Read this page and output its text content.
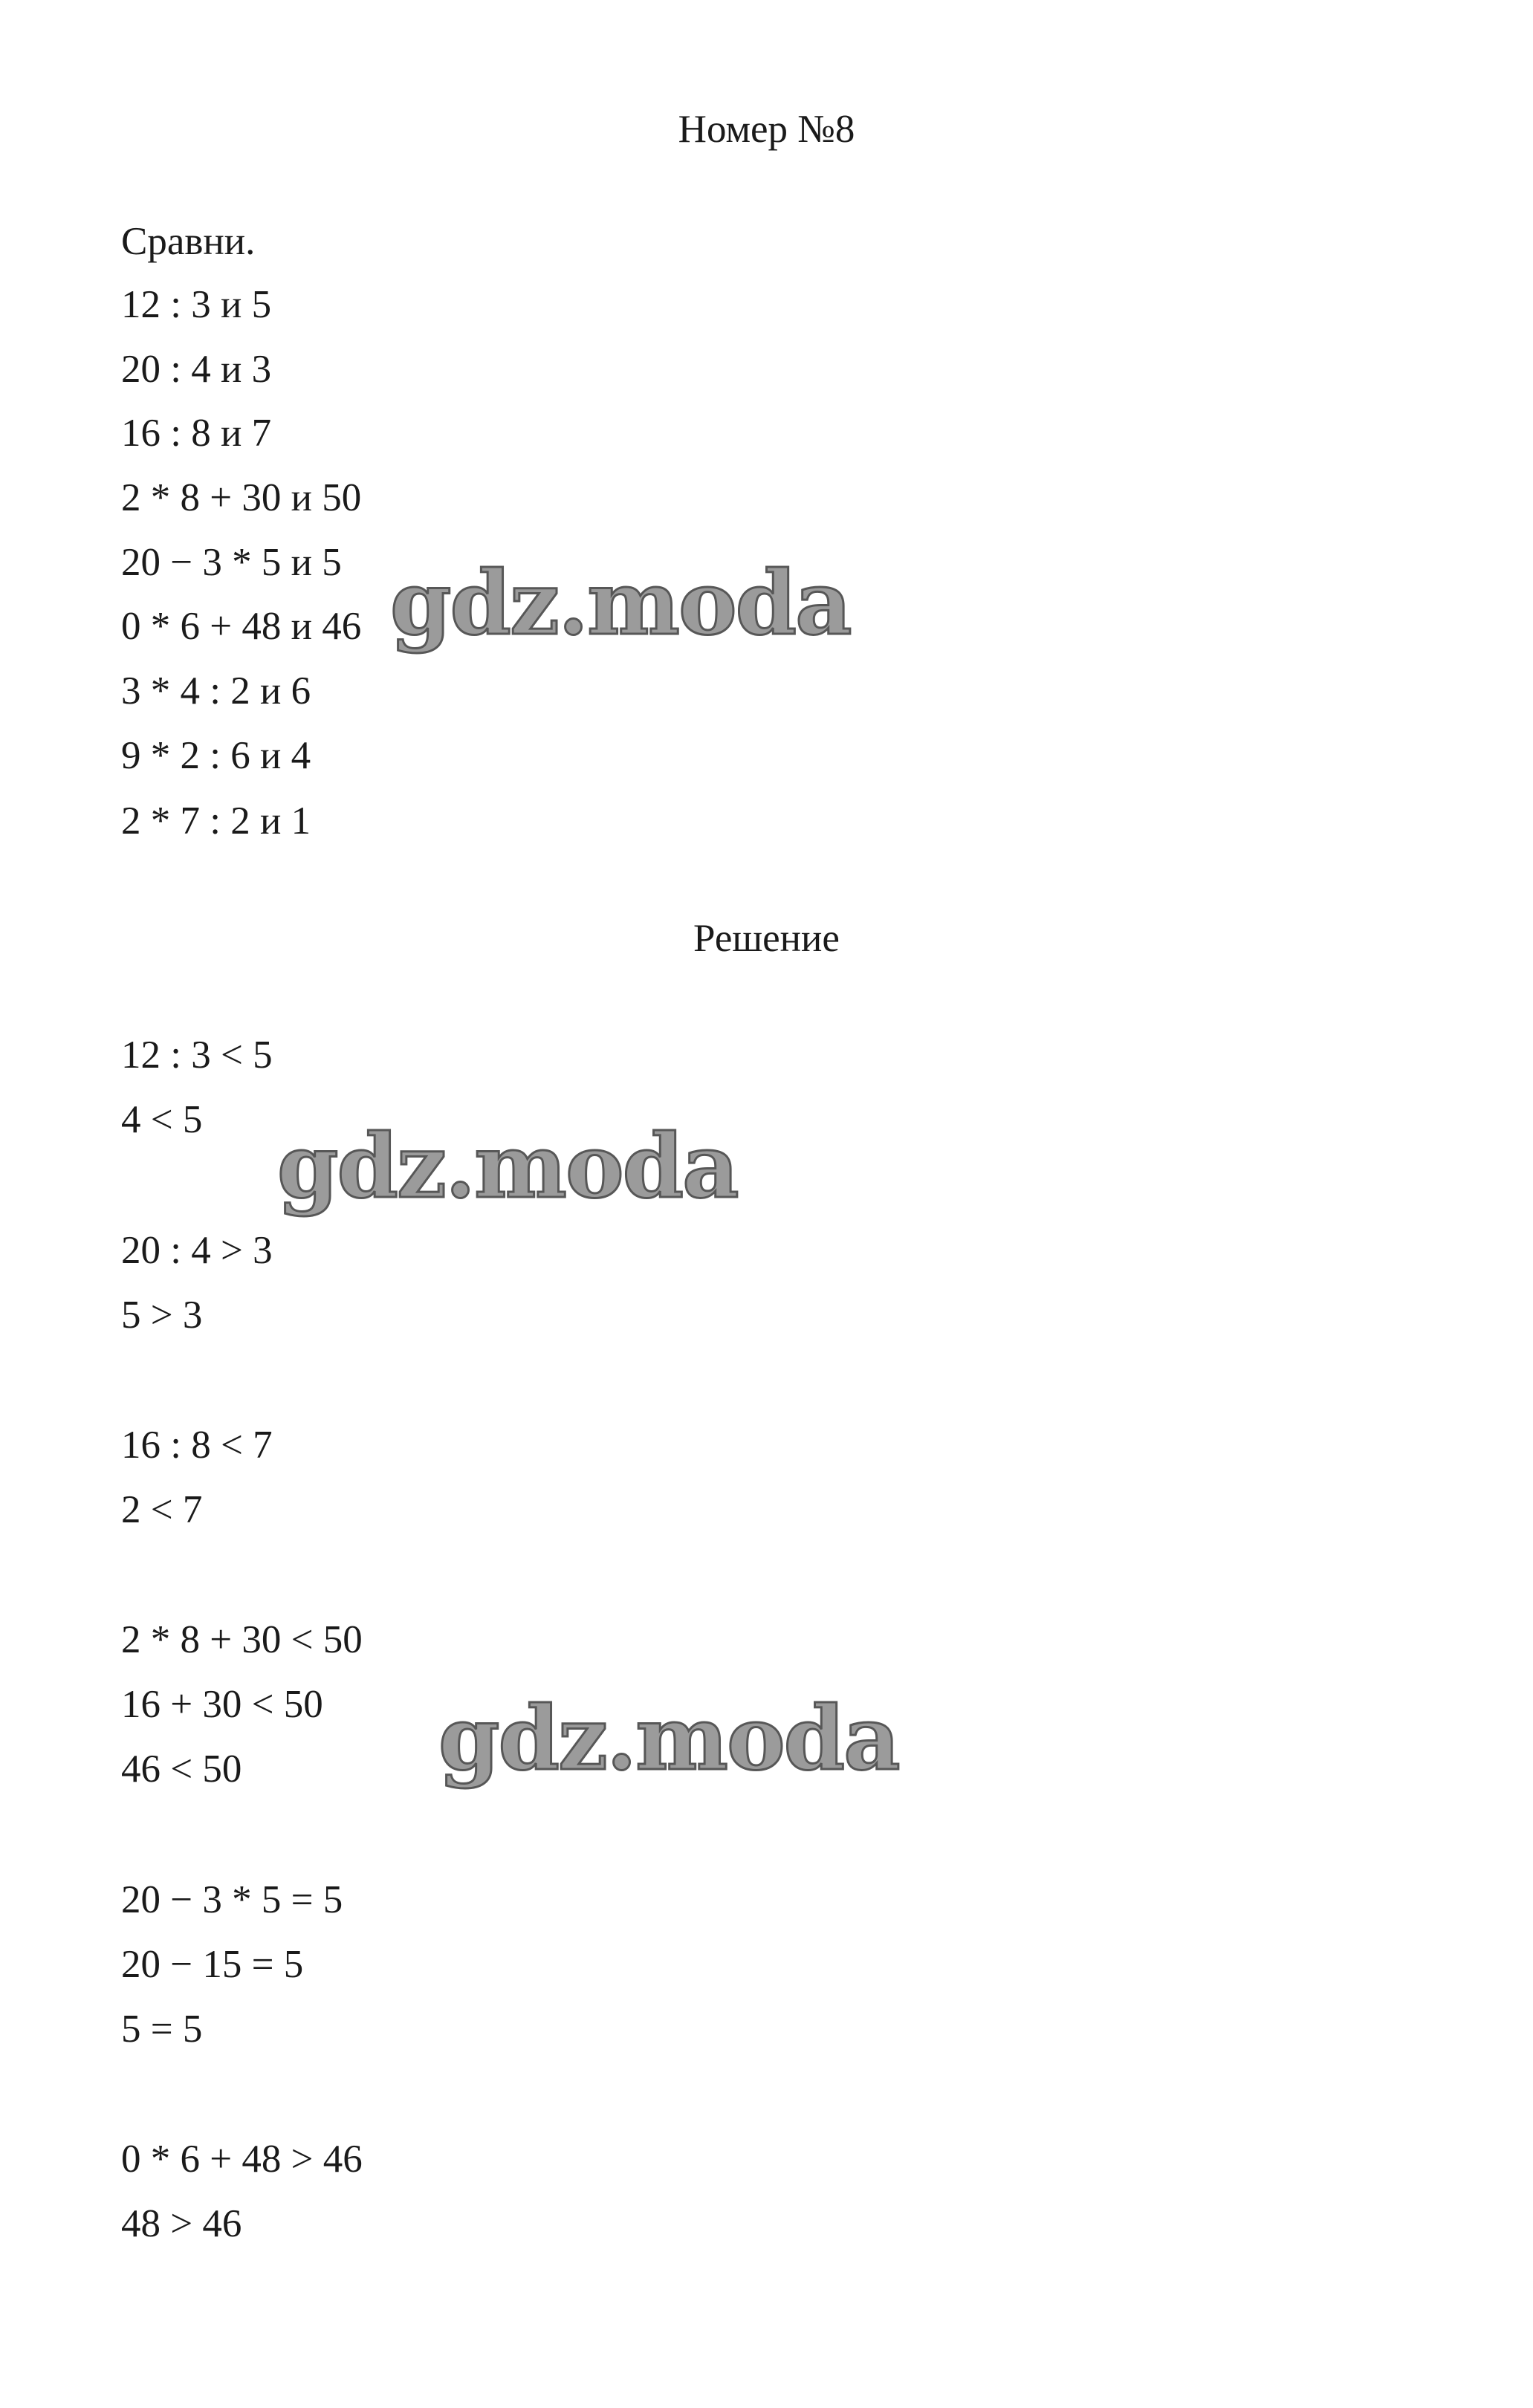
Номер №8
Сравни.
12 : 3 и 5
20 : 4 и 3
16 : 8 и 7
2 * 8 + 30 и 50
20 − 3 * 5 и 5
0 * 6 + 48 и 46
3 * 4 : 2 и 6
9 * 2 : 6 и 4
2 * 7 : 2 и 1
Решение
12 : 3 < 5
4 < 5
20 : 4 > 3
5 > 3
16 : 8 < 7
2 < 7
2 * 8 + 30 < 50
16 + 30 < 50
46 < 50
20 − 3 * 5 = 5
20 − 15 = 5
5 = 5
0 * 6 + 48 > 46
48 > 46
gdz.moda
gdz.moda
gdz.moda
